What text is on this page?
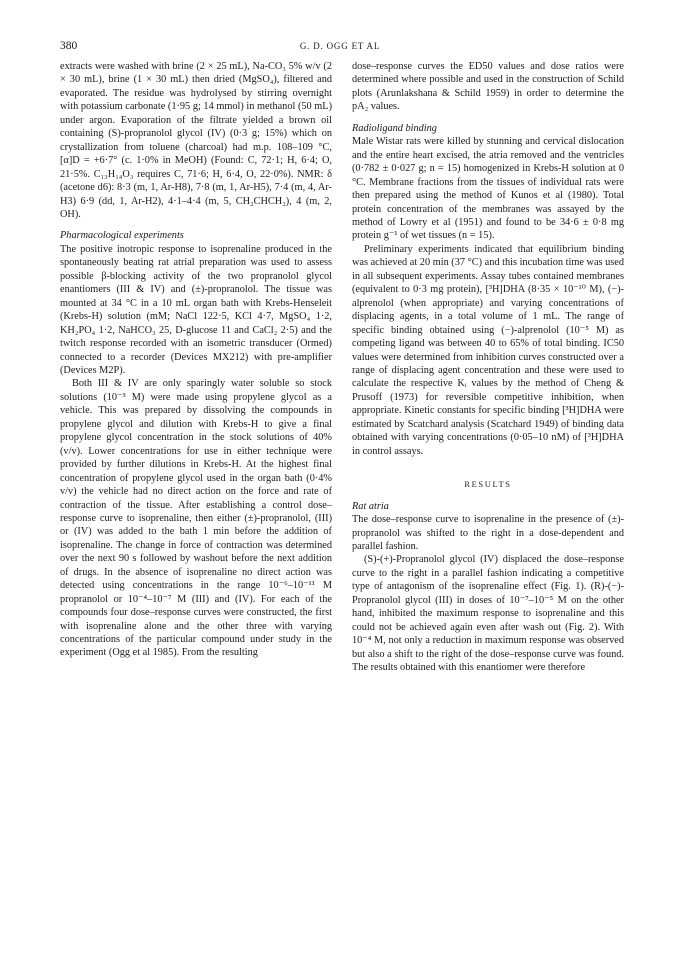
380	G. D. OGG ET AL

extracts were washed with brine (2 × 25 mL), Na-CO₃ 5% w/v (2 × 30 mL), brine (1 × 30 mL) then dried (MgSO₄), filtered and evaporated. The residue was hydrolysed by stirring overnight with potassium carbonate (1·95 g; 14 mmol) in methanol (50 mL) under argon. Evaporation of the filtrate yielded a brown oil containing (S)-propranolol glycol (IV) (0·3 g; 15%) which on crystallization from toluene (charcoal) had m.p. 108–109 °C, [α]D = +6·7° (c. 1·0% in MeOH) (Found: C, 72·1; H, 6·4; O, 21·5%. C₁₃H₁₄O₃ requires C, 71·6; H, 6·4, O, 22·0%). NMR: δ (acetone d6): 8·3 (m, 1, Ar-H8), 7·8 (m, 1, Ar-H5), 7·4 (m, 4, Ar-H3) 6·9 (dd, 1, Ar-H2), 4·1–4·4 (m, 5, CH₂CHCH₂), 4 (m, 2, OH).

Pharmacological experiments

The positive inotropic response to isoprenaline produced in the spontaneously beating rat atrial preparation was used to assess possible β-blocking activity of the two propranolol glycol enantiomers (III & IV) and (±)-propranolol. The tissue was mounted at 34 °C in a 10 mL organ bath with Krebs-Henseleit (Krebs-H) solution (mM; NaCl 122·5, KCl 4·7, MgSO₄ 1·2, KH₂PO₄ 1·2, NaHCO₃ 25, D-glucose 11 and CaCl₂ 2·5) and the twitch response recorded with an isometric transducer (Ormed) connected to a recorder (Devices MX212) with pre-amplifier (Devices M2P).

Both III & IV are only sparingly water soluble so stock solutions (10⁻³ M) were made using propylene glycol as a vehicle. This was prepared by dissolving the compounds in propylene glycol and dilution with Krebs-H to give a final propylene glycol concentration in the stock solutions of 40% (v/v). Lower concentrations for use in either technique were provided by further dilutions in Krebs-H. At the highest final concentration of propylene glycol used in the organ bath (0·4% v/v) the vehicle had no direct action on the force and rate of contraction of the tissue. After establishing a control dose–response curve to isoprenaline, then either (±)-propranolol, (III) or (IV) was added to the bath 1 min before the addition of isoprenaline. The change in force of contraction was determined over the next 90 s followed by washout before the next addition of drugs. In the absence of isoprenaline no direct action was detected using concentrations in the range 10⁻⁶–10⁻¹¹ M propranolol or 10⁻⁴–10⁻⁷ M (III) and (IV). For each of the compounds four dose–response curves were constructed, the first with isoprenaline alone and the other three with varying concentrations of the particular compound under study in the experiment (Ogg et al 1985). From the resulting

dose–response curves the ED50 values and dose ratios were determined where possible and used in the construction of Schild plots (Arunlakshana & Schild 1959) in order to determine the pA₂ values.

Radioligand binding

Male Wistar rats were killed by stunning and cervical dislocation and the entire heart excised, the atria removed and the ventricles (0·782 ± 0·027 g; n = 15) homogenized in Krebs-H solution at 0 °C. Membrane fractions from the tissues of individual rats were then prepared using the method of Kunos et al (1980). Total protein concentration of the membranes was assayed by the method of Lowry et al (1951) and found to be 34·6 ± 0·8 mg protein g⁻¹ of wet tissues (n = 15).

Preliminary experiments indicated that equilibrium binding was achieved at 20 min (37 °C) and this incubation time was used in all subsequent experiments. Assay tubes contained membranes (equivalent to 0·3 mg protein), [³H]DHA (8·35 × 10⁻¹⁰ M), (−)-alprenolol (when appropriate) and varying concentrations of displacing agents, in a total volume of 1 mL. The range of specific binding obtained using (−)-alprenolol (10⁻⁵ M) as competing ligand was between 40 to 65% of total binding. IC50 values were determined from inhibition curves constructed over a range of displacing agent concentration and these were used to calculate the respective Kᵢ values by the method of Cheng & Prusoff (1973) for reversible competitive inhibition, when appropriate. Kinetic constants for specific binding [³H]DHA were estimated by Scatchard analysis (Scatchard 1949) of binding data obtained with varying concentrations (0·05–10 nM) of [³H]DHA in control assays.

RESULTS

Rat atria

The dose–response curve to isoprenaline in the presence of (±)-propranolol was shifted to the right in a dose-dependent and parallel fashion.

(S)-(+)-Propranolol glycol (IV) displaced the dose–response curve to the right in a parallel fashion indicating a competitive type of antagonism of the isoprenaline effect (Fig. 1). (R)-(−)-Propranolol glycol (III) in doses of 10⁻⁷–10⁻⁵ M on the other hand, inhibited the maximum response to isoprenaline and this could not be achieved again even after wash out (Fig. 2). With 10⁻⁴ M, not only a reduction in maximum response was observed but also a shift to the right of the dose–response curve was found. The results obtained with this enantiomer were therefore
